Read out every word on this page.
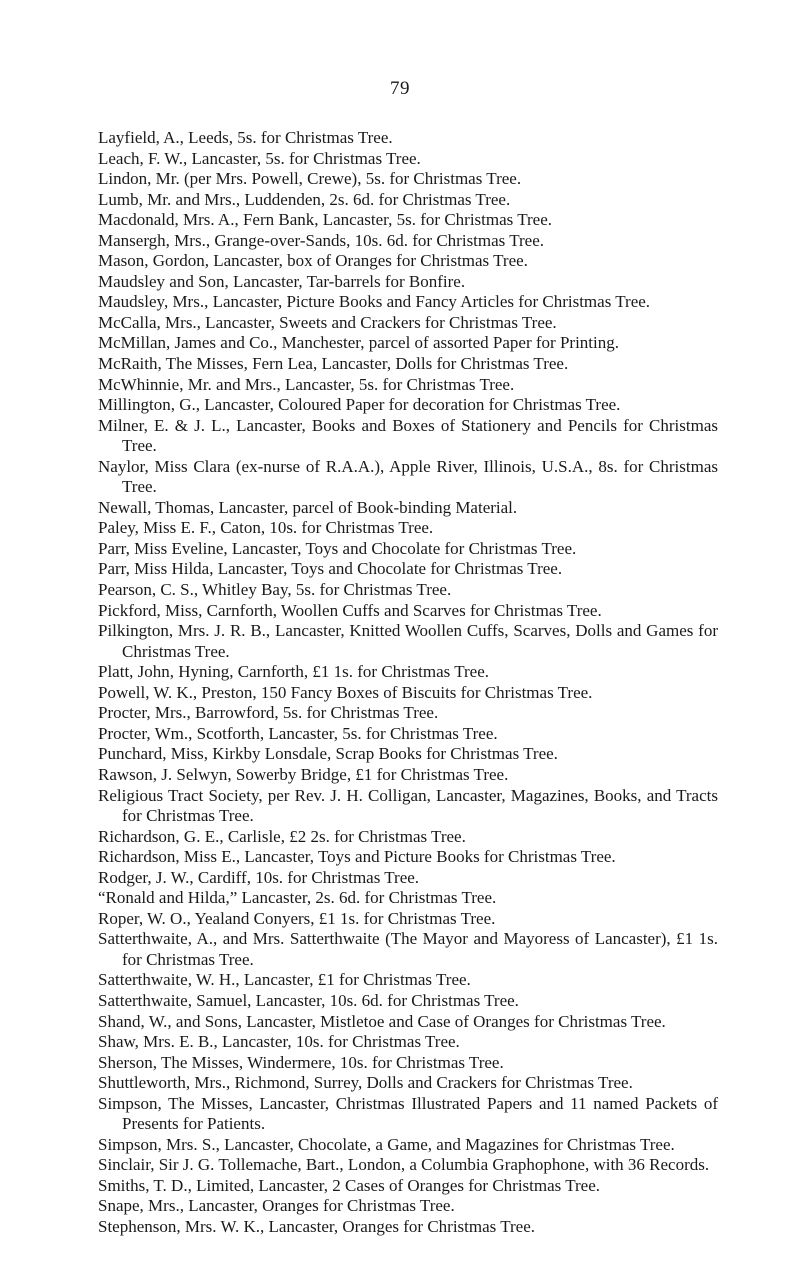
79

Layfield, A., Leeds, 5s. for Christmas Tree.

Leach, F. W., Lancaster, 5s. for Christmas Tree.

Lindon, Mr. (per Mrs. Powell, Crewe), 5s. for Christmas Tree.

Lumb, Mr. and Mrs., Luddenden, 2s. 6d. for Christmas Tree.

Macdonald, Mrs. A., Fern Bank, Lancaster, 5s. for Christmas Tree.

Mansergh, Mrs., Grange-over-Sands, 10s. 6d. for Christmas Tree.

Mason, Gordon, Lancaster, box of Oranges for Christmas Tree.

Maudsley and Son, Lancaster, Tar-barrels for Bonfire.

Maudsley, Mrs., Lancaster, Picture Books and Fancy Articles for Christmas Tree.

McCalla, Mrs., Lancaster, Sweets and Crackers for Christmas Tree.

McMillan, James and Co., Manchester, parcel of assorted Paper for Printing.

McRaith, The Misses, Fern Lea, Lancaster, Dolls for Christmas Tree.

McWhinnie, Mr. and Mrs., Lancaster, 5s. for Christmas Tree.

Millington, G., Lancaster, Coloured Paper for decoration for Christmas Tree.

Milner, E. & J. L., Lancaster, Books and Boxes of Stationery and Pencils for Christmas Tree.

Naylor, Miss Clara (ex-nurse of R.A.A.), Apple River, Illinois, U.S.A., 8s. for Christmas Tree.

Newall, Thomas, Lancaster, parcel of Book-binding Material.

Paley, Miss E. F., Caton, 10s. for Christmas Tree.

Parr, Miss Eveline, Lancaster, Toys and Chocolate for Christmas Tree.

Parr, Miss Hilda, Lancaster, Toys and Chocolate for Christmas Tree.

Pearson, C. S., Whitley Bay, 5s. for Christmas Tree.

Pickford, Miss, Carnforth, Woollen Cuffs and Scarves for Christmas Tree.

Pilkington, Mrs. J. R. B., Lancaster, Knitted Woollen Cuffs, Scarves, Dolls and Games for Christmas Tree.

Platt, John, Hyning, Carnforth, £1 1s. for Christmas Tree.

Powell, W. K., Preston, 150 Fancy Boxes of Biscuits for Christmas Tree.

Procter, Mrs., Barrowford, 5s. for Christmas Tree.

Procter, Wm., Scotforth, Lancaster, 5s. for Christmas Tree.

Punchard, Miss, Kirkby Lonsdale, Scrap Books for Christmas Tree.

Rawson, J. Selwyn, Sowerby Bridge, £1 for Christmas Tree.

Religious Tract Society, per Rev. J. H. Colligan, Lancaster, Magazines, Books, and Tracts for Christmas Tree.

Richardson, G. E., Carlisle, £2 2s. for Christmas Tree.

Richardson, Miss E., Lancaster, Toys and Picture Books for Christmas Tree.

Rodger, J. W., Cardiff, 10s. for Christmas Tree.

“Ronald and Hilda,” Lancaster, 2s. 6d. for Christmas Tree.

Roper, W. O., Yealand Conyers, £1 1s. for Christmas Tree.

Satterthwaite, A., and Mrs. Satterthwaite (The Mayor and Mayoress of Lancaster), £1 1s. for Christmas Tree.

Satterthwaite, W. H., Lancaster, £1 for Christmas Tree.

Satterthwaite, Samuel, Lancaster, 10s. 6d. for Christmas Tree.

Shand, W., and Sons, Lancaster, Mistletoe and Case of Oranges for Christmas Tree.

Shaw, Mrs. E. B., Lancaster, 10s. for Christmas Tree.

Sherson, The Misses, Windermere, 10s. for Christmas Tree.

Shuttleworth, Mrs., Richmond, Surrey, Dolls and Crackers for Christmas Tree.

Simpson, The Misses, Lancaster, Christmas Illustrated Papers and 11 named Packets of Presents for Patients.

Simpson, Mrs. S., Lancaster, Chocolate, a Game, and Magazines for Christmas Tree.

Sinclair, Sir J. G. Tollemache, Bart., London, a Columbia Graphophone, with 36 Records.

Smiths, T. D., Limited, Lancaster, 2 Cases of Oranges for Christmas Tree.

Snape, Mrs., Lancaster, Oranges for Christmas Tree.

Stephenson, Mrs. W. K., Lancaster, Oranges for Christmas Tree.
